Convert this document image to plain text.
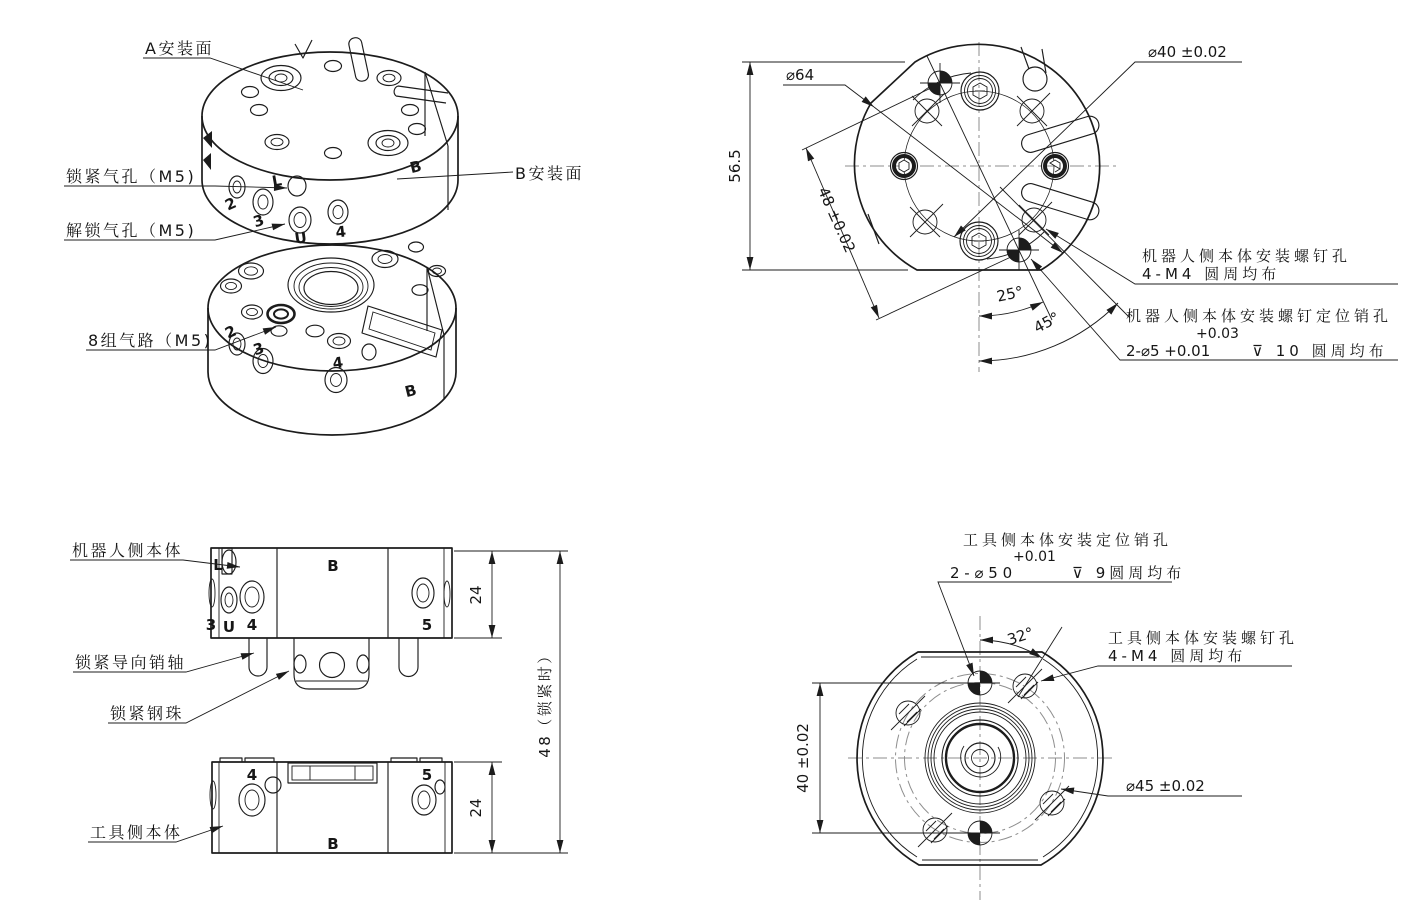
2
3
U 4
L
B
2
3
4
B
A安装面
B安装面
锁紧气孔（M5)
解锁气孔（M5)
8组气路（M5)
56.5
⌀64
⌀40 ±0.02
48 ±0.02
25°
45°
机器人侧本体安装螺钉孔
4-M4 圆周均布
机器人侧本体安装螺钉定位销孔
+0.03
2-⌀5 +0.01	⊽ 10 圆周均布
L	B
3 U 4	5
4	5
B
24
24
48（锁紧时）
机器人侧本体
锁紧导向销轴
锁紧钢珠
工具侧本体
40 ±0.02
32°
⌀45 ±0.02
工具侧本体安装定位销孔
+0.01
2 - ⌀ 5 0	⊽ 9圆周均布
工具侧本体安装螺钉孔
4-M4 圆周均布
